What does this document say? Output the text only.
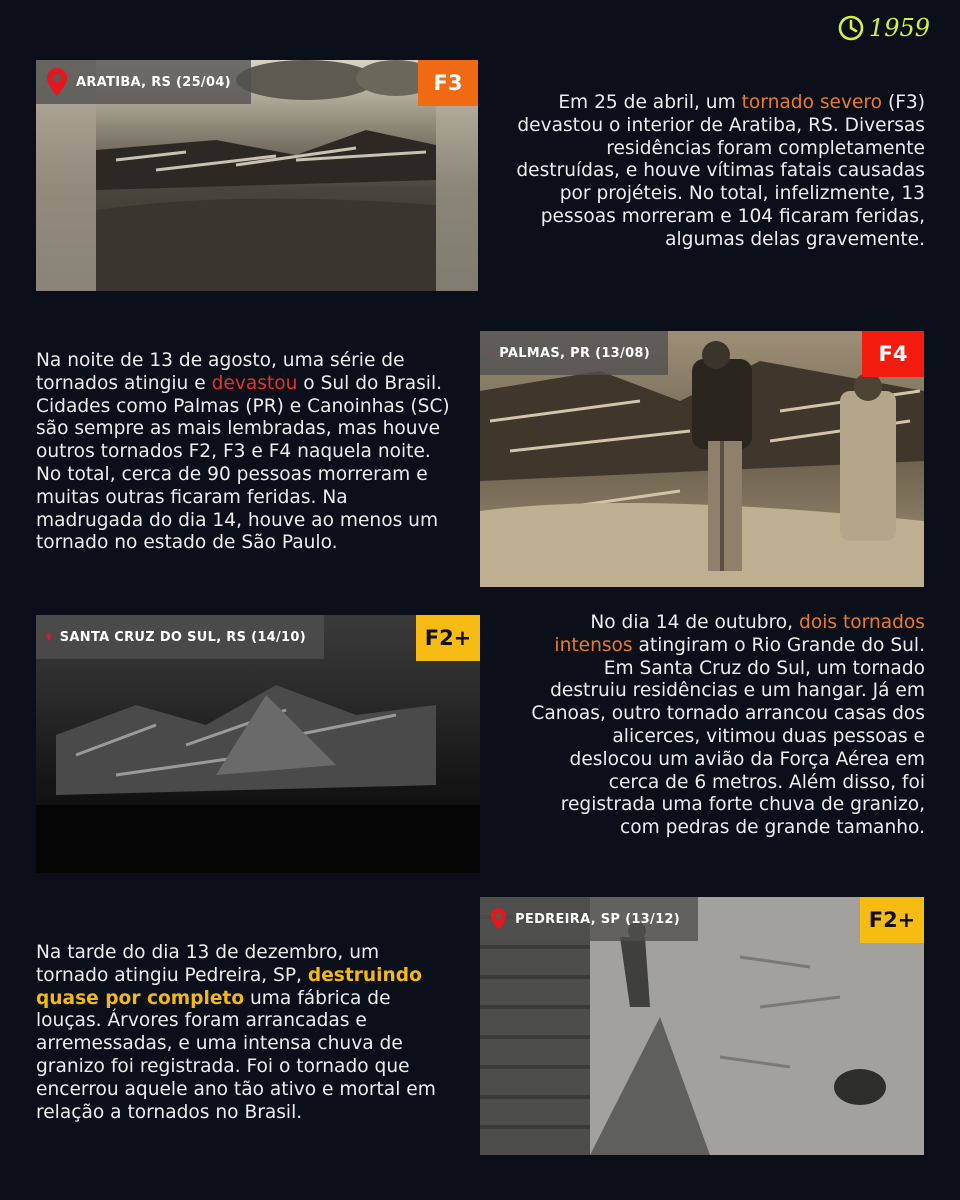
1959
ARATIBA, RS (25/04)	F3
Em 25 de abril, um tornado severo (F3) devastou o interior de Aratiba, RS. Diversas residências foram completamente destruídas, e houve vítimas fatais causadas por projéteis. No total, infelizmente, 13 pessoas morreram e 104 ficaram feridas, algumas delas gravemente.
Na noite de 13 de agosto, uma série de tornados atingiu e devastou o Sul do Brasil. Cidades como Palmas (PR) e Canoinhas (SC) são sempre as mais lembradas, mas houve outros tornados F2, F3 e F4 naquela noite. No total, cerca de 90 pessoas morreram e muitas outras ficaram feridas. Na madrugada do dia 14, houve ao menos um tornado no estado de São Paulo.
PALMAS, PR (13/08)	F4
SANTA CRUZ DO SUL, RS (14/10)	F2+
No dia 14 de outubro, dois tornados intensos atingiram o Rio Grande do Sul. Em Santa Cruz do Sul, um tornado destruiu residências e um hangar. Já em Canoas, outro tornado arrancou casas dos alicerces, vitimou duas pessoas e deslocou um avião da Força Aérea em cerca de 6 metros. Além disso, foi registrada uma forte chuva de granizo, com pedras de grande tamanho.
Na tarde do dia 13 de dezembro, um tornado atingiu Pedreira, SP, destruindo quase por completo uma fábrica de louças. Árvores foram arrancadas e arremessadas, e uma intensa chuva de granizo foi registrada. Foi o tornado que encerrou aquele ano tão ativo e mortal em relação a tornados no Brasil.
PEDREIRA, SP (13/12)	F2+
